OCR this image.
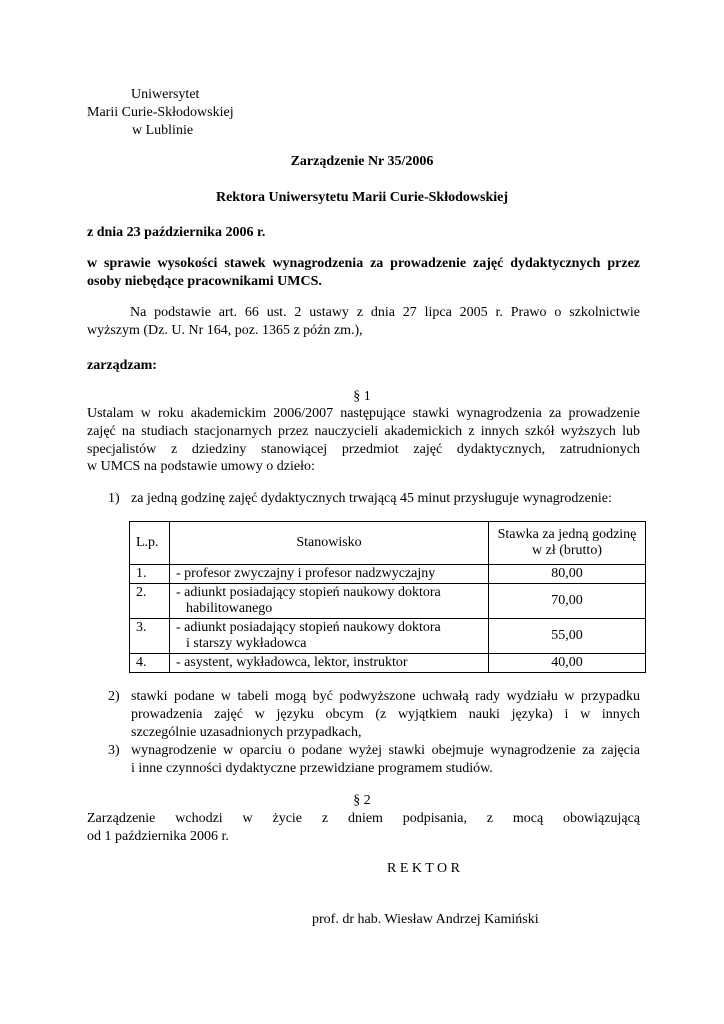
Uniwersytet
Marii Curie-Skłodowskiej
w Lublinie
Zarządzenie Nr 35/2006
Rektora Uniwersytetu Marii Curie-Skłodowskiej
z dnia 23 października 2006 r.
w sprawie wysokości stawek wynagrodzenia za prowadzenie zajęć dydaktycznych przez
osoby niebędące pracownikami UMCS.
Na podstawie art. 66 ust. 2 ustawy z dnia 27 lipca 2005 r. Prawo o szkolnictwie
wyższym (Dz. U. Nr 164, poz. 1365 z późn zm.),
zarządzam:
§ 1
Ustalam w roku akademickim 2006/2007 następujące stawki wynagrodzenia za prowadzenie
zajęć na studiach stacjonarnych przez nauczycieli akademickich z innych szkół wyższych lub
specjalistów z dziedziny stanowiącej przedmiot zajęć dydaktycznych, zatrudnionych
w UMCS na podstawie umowy o dzieło:
1) za jedną godzinę zajęć dydaktycznych trwającą 45 minut przysługuje wynagrodzenie:
L.p.	Stanowisko	Stawka za jedną godzinę
w zł (brutto)

1.	- profesor zwyczajny i profesor nadzwyczajny	80,00
2.	- adiunkt posiadający stopień naukowy doktora
habilitowanego	70,00
3.	- adiunkt posiadający stopień naukowy doktora
i starszy wykładowca	55,00
4.	- asystent, wykładowca, lektor, instruktor	40,00
2) stawki podane w tabeli mogą być podwyższone uchwałą rady wydziału w przypadku
prowadzenia zajęć w języku obcym (z wyjątkiem nauki języka) i w innych
szczególnie uzasadnionych przypadkach,
3) wynagrodzenie w oparciu o podane wyżej stawki obejmuje wynagrodzenie za zajęcia
i inne czynności dydaktyczne przewidziane programem studiów.
§ 2
Zarządzenie wchodzi w życie z dniem podpisania, z mocą obowiązującą
od 1 października 2006 r.
R E K T O R
prof. dr hab. Wiesław Andrzej Kamiński
